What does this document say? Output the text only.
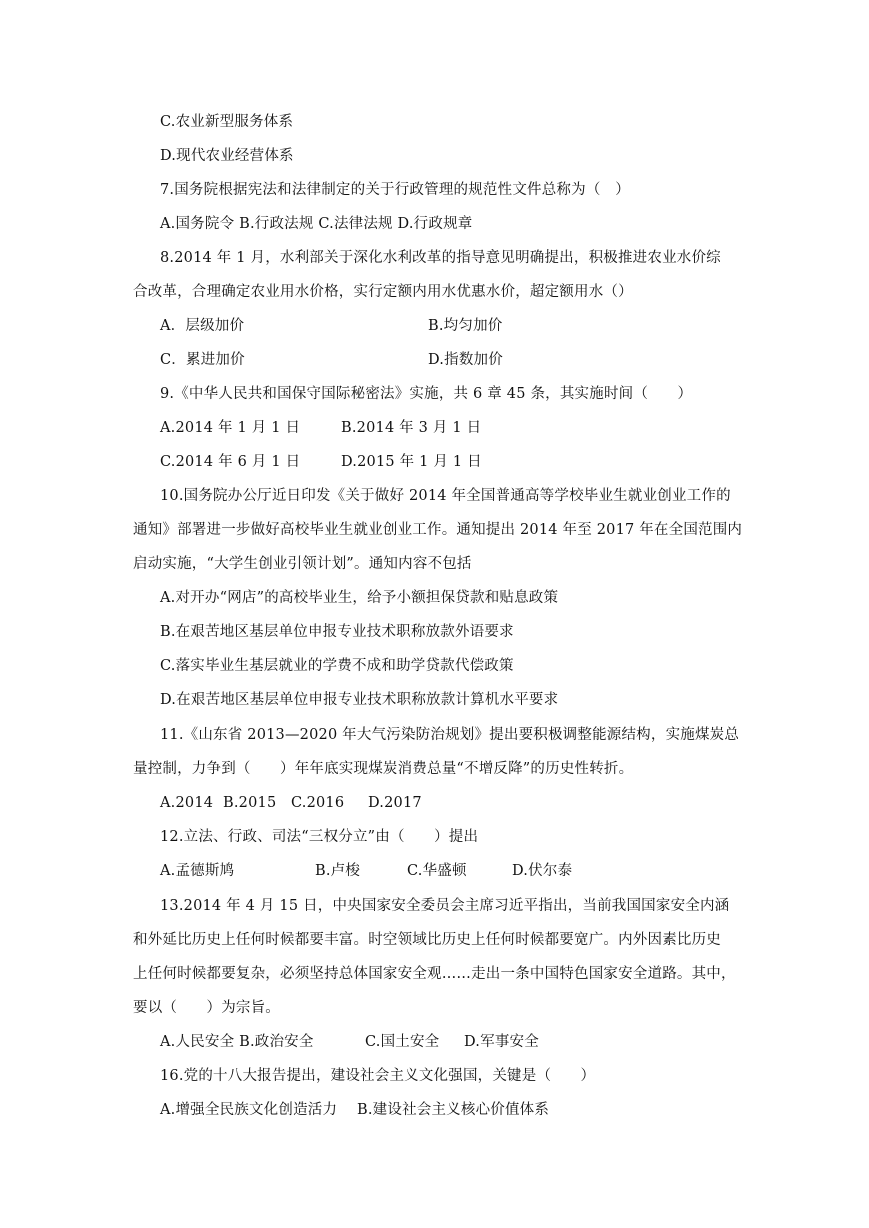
C.农业新型服务体系
D.现代农业经营体系
7.国务院根据宪法和法律制定的关于行政管理的规范性文件总称为（　）
A.国务院令 B.行政法规 C.法律法规 D.行政规章
8.2014 年 1 月，水利部关于深化水利改革的指导意见明确提出，积极推进农业水价综
合改革，合理确定农业用水价格，实行定额内用水优惠水价，超定额用水（）
A．层级加价	B.均匀加价
C．累进加价	D.指数加价
9.《中华人民共和国保守国际秘密法》实施，共 6 章 45 条，其实施时间（　　）
A.2014 年 1 月 1 日	B.2014 年 3 月 1 日
C.2014 年 6 月 1 日	D.2015 年 1 月 1 日
10.国务院办公厅近日印发《关于做好 2014 年全国普通高等学校毕业生就业创业工作的
通知》部署进一步做好高校毕业生就业创业工作。通知提出 2014 年至 2017 年在全国范围内
启动实施，“大学生创业引领计划”。通知内容不包括
A.对开办“网店”的高校毕业生，给予小额担保贷款和贴息政策
B.在艰苦地区基层单位申报专业技术职称放款外语要求
C.落实毕业生基层就业的学费不成和助学贷款代偿政策
D.在艰苦地区基层单位申报专业技术职称放款计算机水平要求
11.《山东省 2013—2020 年大气污染防治规划》提出要积极调整能源结构，实施煤炭总
量控制，力争到（　　）年年底实现煤炭消费总量“不增反降”的历史性转折。
A.2014 B.2015 C.2016 D.2017
12.立法、行政、司法“三权分立”由（　　）提出
A.孟德斯鸠	B.卢梭	C.华盛顿	D.伏尔泰
13.2014 年 4 月 15 日，中央国家安全委员会主席习近平指出，当前我国国家安全内涵
和外延比历史上任何时候都要丰富。时空领域比历史上任何时候都要宽广。内外因素比历史
上任何时候都要复杂，必须坚持总体国家安全观……走出一条中国特色国家安全道路。其中，
要以（　　）为宗旨。
A.人民安全 B.政治安全	C.国土安全 D.军事安全
16.党的十八大报告提出，建设社会主义文化强国，关键是（　　）
A.增强全民族文化创造活力 B.建设社会主义核心价值体系
